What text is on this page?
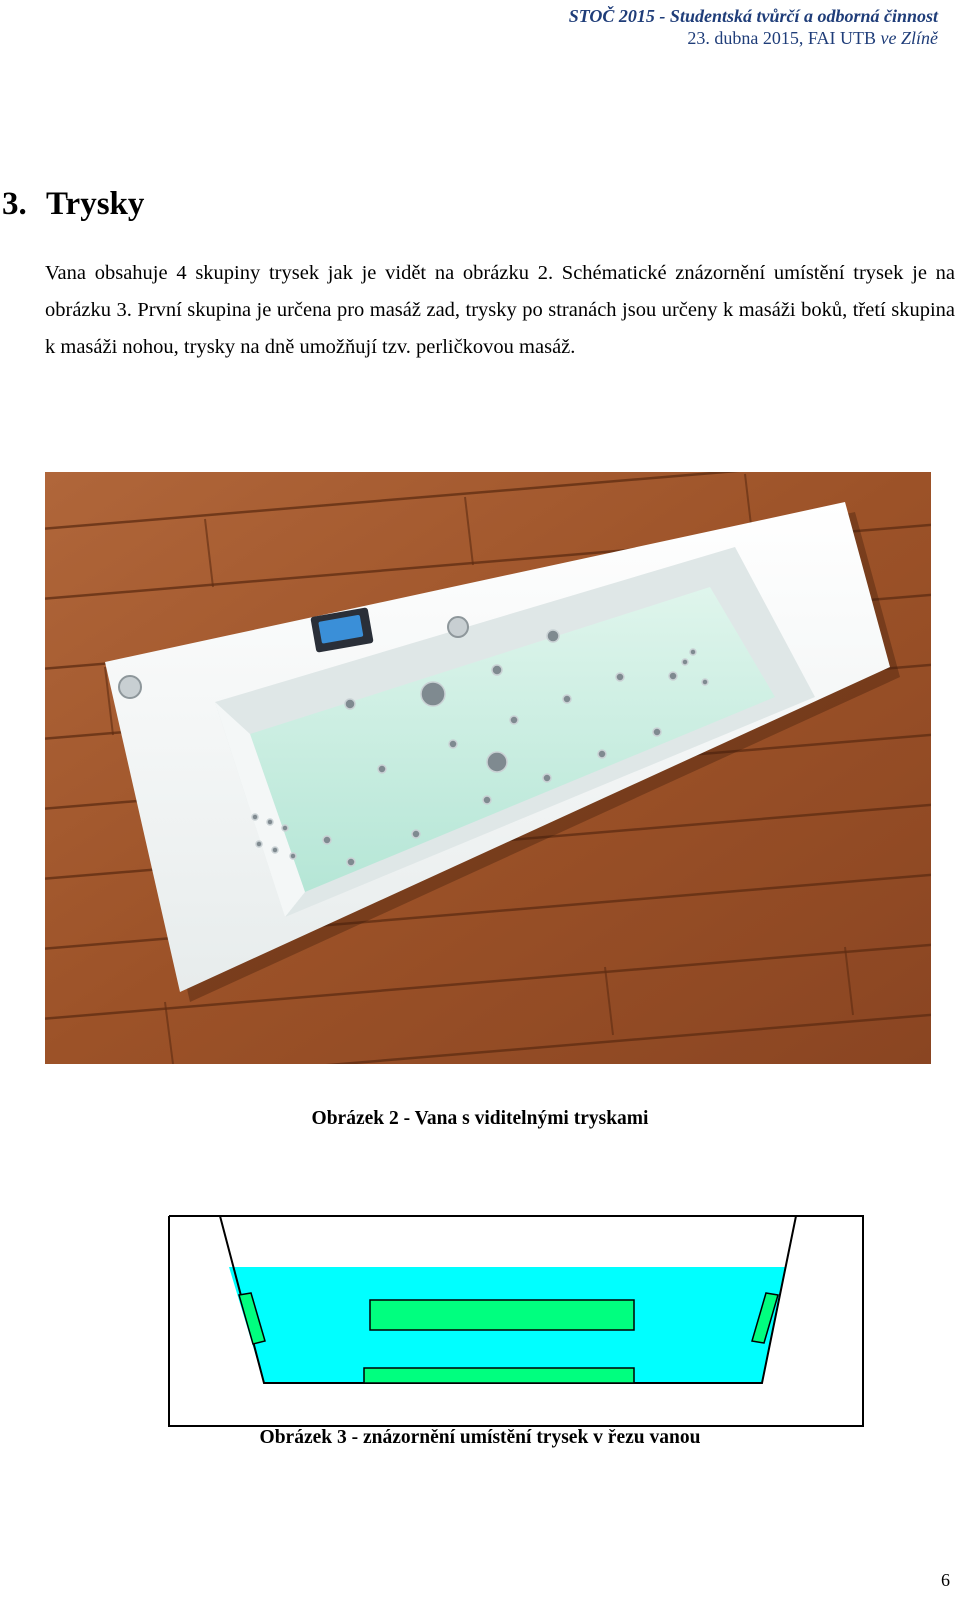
STOČ 2015 - Studentská tvůrčí a odborná činnost
23. dubna 2015, FAI UTB ve Zlíně
3. Trysky

Vana obsahuje 4 skupiny trysek jak je vidět na obrázku 2. Schématické znázornění umístění trysek je na obrázku 3. První skupina je určena pro masáž zad, trysky po stranách jsou určeny k masáži boků, třetí skupina k masáži nohou, trysky na dně umožňují tzv. perličkovou masáž.

Obrázek 2 - Vana s viditelnými tryskami
Obrázek 3 - znázornění umístění trysek v řezu vanou
6
